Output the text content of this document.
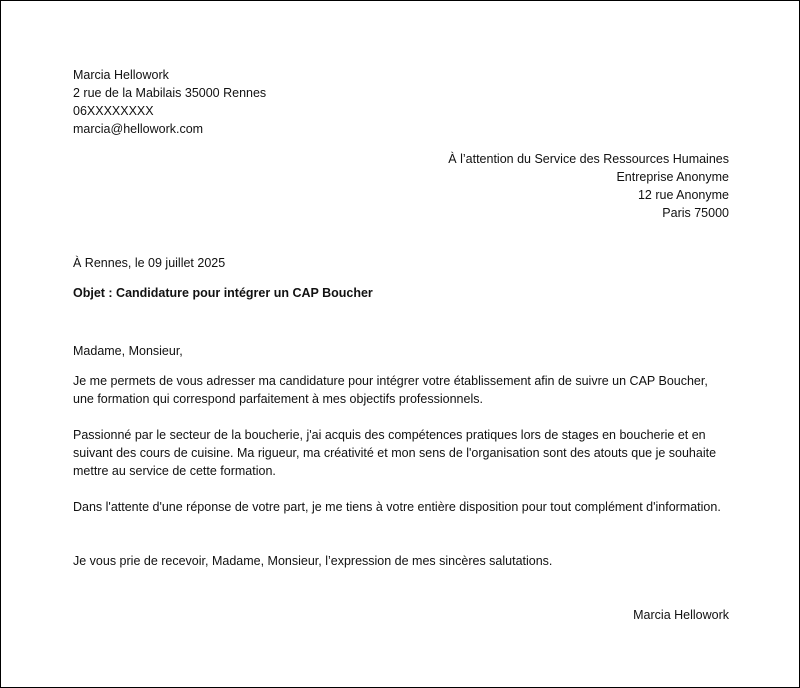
Marcia Hellowork
2 rue de la Mabilais 35000 Rennes
06XXXXXXXX
marcia@hellowork.com
À l’attention du Service des Ressources Humaines
Entreprise Anonyme
12 rue Anonyme
Paris 75000
À Rennes, le 09 juillet 2025
Objet : Candidature pour intégrer un CAP Boucher
Madame, Monsieur,
Je me permets de vous adresser ma candidature pour intégrer votre établissement afin de suivre un CAP Boucher, une formation qui correspond parfaitement à mes objectifs professionnels.
Passionné par le secteur de la boucherie, j'ai acquis des compétences pratiques lors de stages en boucherie et en suivant des cours de cuisine. Ma rigueur, ma créativité et mon sens de l'organisation sont des atouts que je souhaite mettre au service de cette formation.
Dans l'attente d'une réponse de votre part, je me tiens à votre entière disposition pour tout complément d'information.
Je vous prie de recevoir, Madame, Monsieur, l’expression de mes sincères salutations.
Marcia Hellowork
